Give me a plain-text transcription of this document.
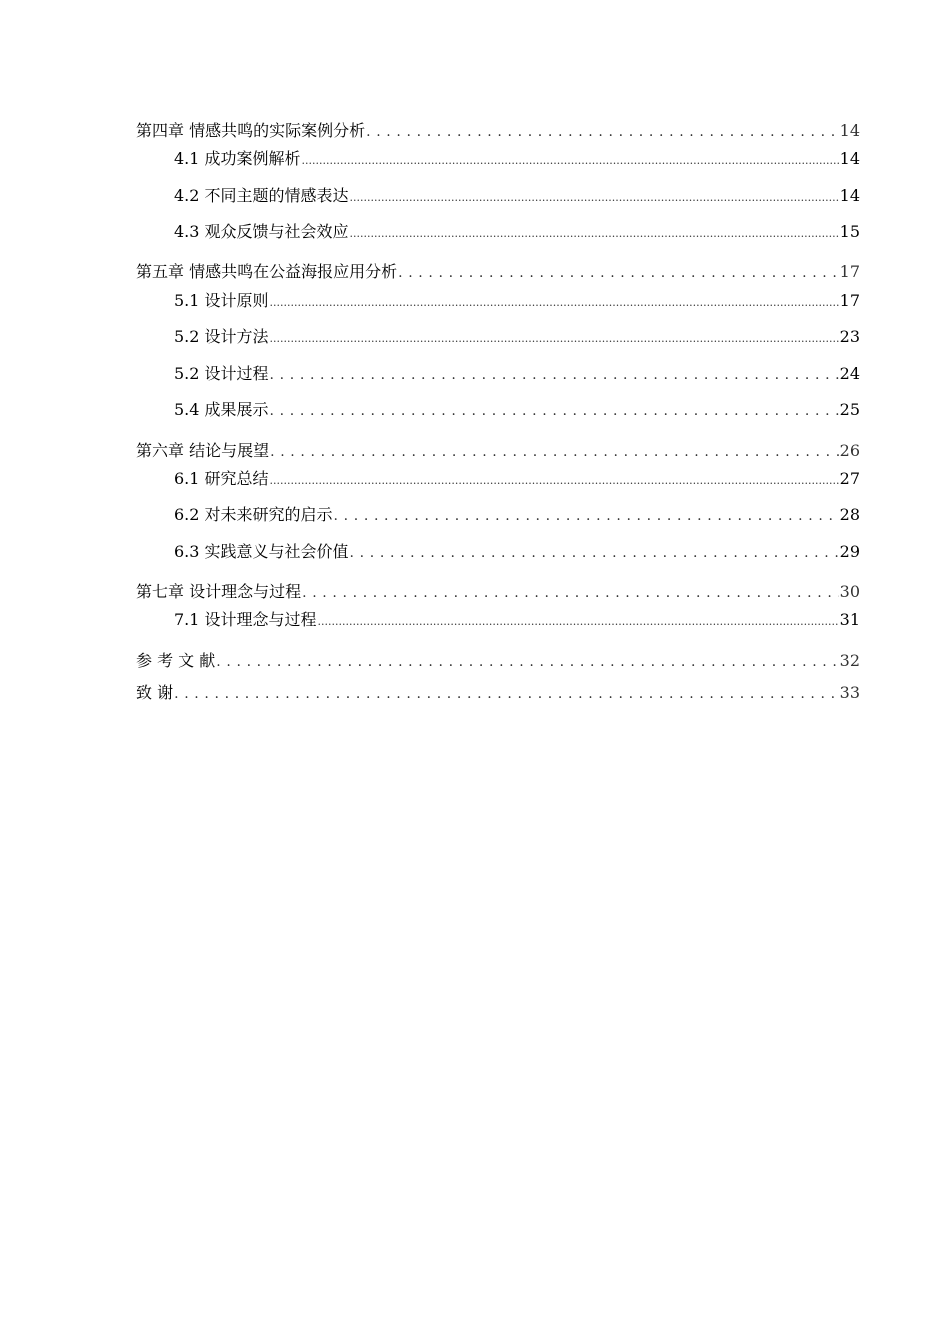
第四章 情感共鸣的实际案例分析 . . .	14
4.1 成功案例解析 .....	14
4.2 不同主题的情感表达 .....	14
4.3 观众反馈与社会效应 .....	15
第五章 情感共鸣在公益海报应用分析 . . .	17
5.1 设计原则 .....	17
5.2 设计方法 .....	23
5.2 设计过程 . . .	24
5.4 成果展示 . . .	25
第六章 结论与展望 . . .	26
6.1 研究总结 .....	27
6.2 对未来研究的启示 . . .	28
6.3 实践意义与社会价值 . . .	29
第七章 设计理念与过程 . . .	30
7.1 设计理念与过程 .....	31
参 考 文 献 . . .	32
致 谢 . . .	33
